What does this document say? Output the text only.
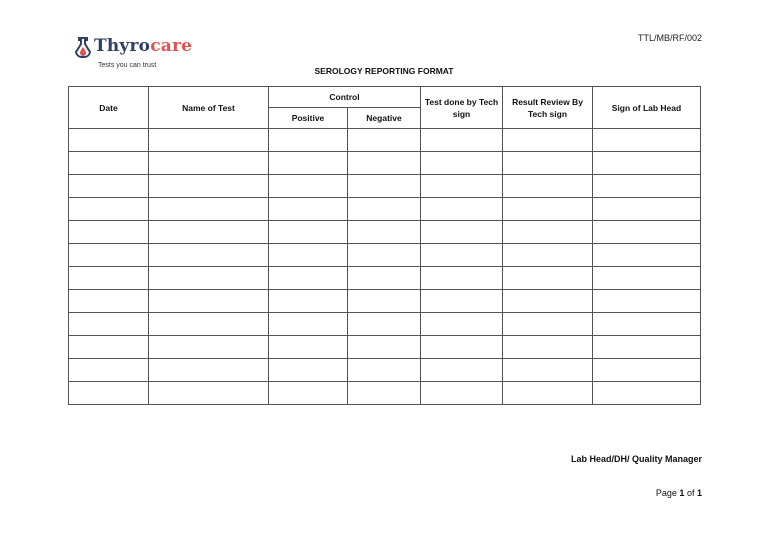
Thyrocare
Tests you can trust
TTL/MB/RF/002
SEROLOGY REPORTING FORMAT
Date	Name of Test	Control		Test done by Tech sign	Result Review By Tech sign	Sign of Lab Head
		Positive	Negative			

Lab Head/DH/ Quality Manager
Page 1 of 1
